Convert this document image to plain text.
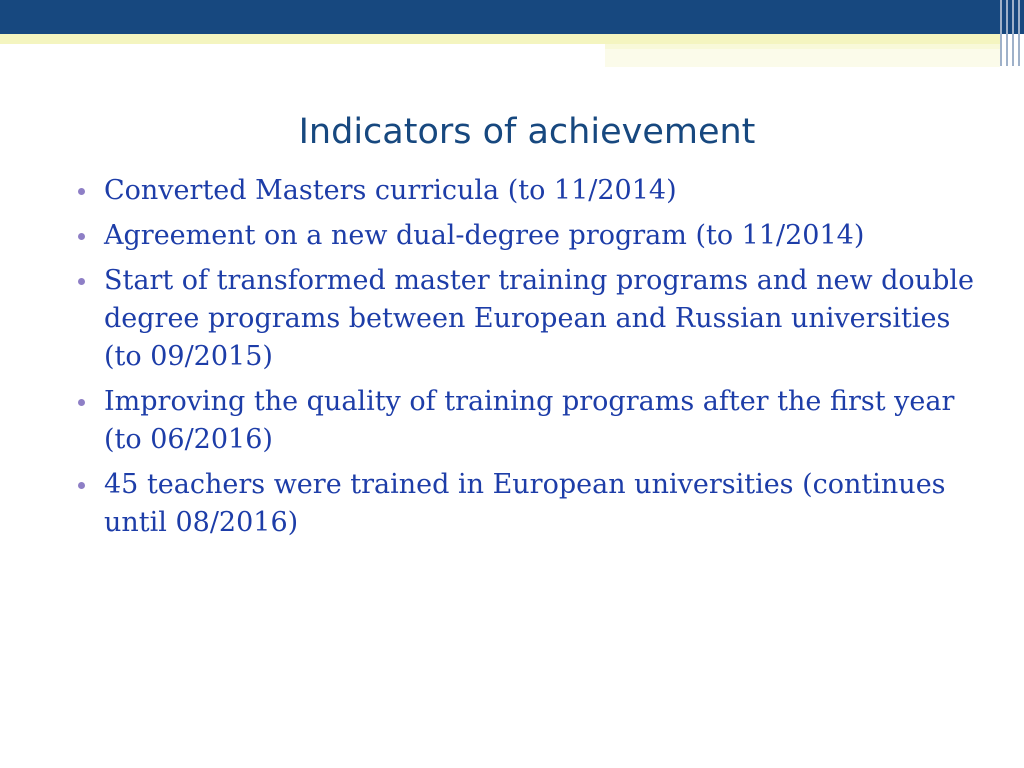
Indicators of achievement
Converted Masters curricula (to 11/2014)
Agreement on a new dual-degree program (to 11/2014)
Start of transformed master training programs and new double degree programs between European and Russian universities (to 09/2015)
Improving the quality of training programs after the first year (to 06/2016)
45 teachers were trained in European universities (continues until 08/2016)
